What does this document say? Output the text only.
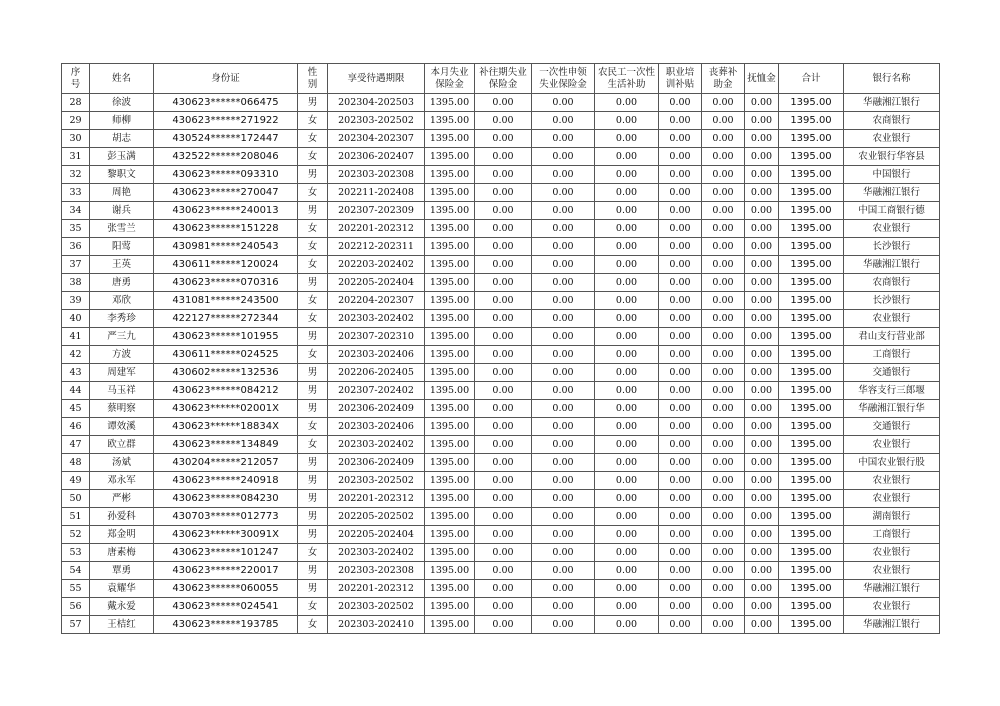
序号	姓名	身份证	性别	享受待遇期限	本月失业保险金	补往期失业保险金	一次性申领失业保险金	农民工一次性生活补助	职业培训补贴	丧葬补助金	抚恤金	合计	银行名称
28	徐波	430623******066475	男	202304-202503	1395.00	0.00	0.00	0.00	0.00	0.00	0.00	1395.00	华融湘江银行
29	师柳	430623******271922	女	202303-202502	1395.00	0.00	0.00	0.00	0.00	0.00	0.00	1395.00	农商银行
30	胡志	430524******172447	女	202304-202307	1395.00	0.00	0.00	0.00	0.00	0.00	0.00	1395.00	农业银行
31	彭玉满	432522******208046	女	202306-202407	1395.00	0.00	0.00	0.00	0.00	0.00	0.00	1395.00	农业银行华容县
32	黎职文	430623******093310	男	202303-202308	1395.00	0.00	0.00	0.00	0.00	0.00	0.00	1395.00	中国银行
33	周艳	430623******270047	女	202211-202408	1395.00	0.00	0.00	0.00	0.00	0.00	0.00	1395.00	华融湘江银行
34	谢兵	430623******240013	男	202307-202309	1395.00	0.00	0.00	0.00	0.00	0.00	0.00	1395.00	中国工商银行德
35	张雪兰	430623******151228	女	202201-202312	1395.00	0.00	0.00	0.00	0.00	0.00	0.00	1395.00	农业银行
36	阳莺	430981******240543	女	202212-202311	1395.00	0.00	0.00	0.00	0.00	0.00	0.00	1395.00	长沙银行
37	王英	430611******120024	女	202203-202402	1395.00	0.00	0.00	0.00	0.00	0.00	0.00	1395.00	华融湘江银行
38	唐勇	430623******070316	男	202205-202404	1395.00	0.00	0.00	0.00	0.00	0.00	0.00	1395.00	农商银行
39	邓欣	431081******243500	女	202204-202307	1395.00	0.00	0.00	0.00	0.00	0.00	0.00	1395.00	长沙银行
40	李秀珍	422127******272344	女	202303-202402	1395.00	0.00	0.00	0.00	0.00	0.00	0.00	1395.00	农业银行
41	严三九	430623******101955	男	202307-202310	1395.00	0.00	0.00	0.00	0.00	0.00	0.00	1395.00	君山支行营业部
42	方波	430611******024525	女	202303-202406	1395.00	0.00	0.00	0.00	0.00	0.00	0.00	1395.00	工商银行
43	周建军	430602******132536	男	202206-202405	1395.00	0.00	0.00	0.00	0.00	0.00	0.00	1395.00	交通银行
44	马玉祥	430623******084212	男	202307-202402	1395.00	0.00	0.00	0.00	0.00	0.00	0.00	1395.00	华容支行三郎堰
45	蔡明察	430623******02001X	男	202306-202409	1395.00	0.00	0.00	0.00	0.00	0.00	0.00	1395.00	华融湘江银行华
46	谭效溪	430623******18834X	女	202303-202406	1395.00	0.00	0.00	0.00	0.00	0.00	0.00	1395.00	交通银行
47	欧立群	430623******134849	女	202303-202402	1395.00	0.00	0.00	0.00	0.00	0.00	0.00	1395.00	农业银行
48	汤斌	430204******212057	男	202306-202409	1395.00	0.00	0.00	0.00	0.00	0.00	0.00	1395.00	中国农业银行股
49	邓永军	430623******240918	男	202303-202502	1395.00	0.00	0.00	0.00	0.00	0.00	0.00	1395.00	农业银行
50	严彬	430623******084230	男	202201-202312	1395.00	0.00	0.00	0.00	0.00	0.00	0.00	1395.00	农业银行
51	孙爱科	430703******012773	男	202205-202502	1395.00	0.00	0.00	0.00	0.00	0.00	0.00	1395.00	湖南银行
52	郑金明	430623******30091X	男	202205-202404	1395.00	0.00	0.00	0.00	0.00	0.00	0.00	1395.00	工商银行
53	唐素梅	430623******101247	女	202303-202402	1395.00	0.00	0.00	0.00	0.00	0.00	0.00	1395.00	农业银行
54	覃勇	430623******220017	男	202303-202308	1395.00	0.00	0.00	0.00	0.00	0.00	0.00	1395.00	农业银行
55	袁耀华	430623******060055	男	202201-202312	1395.00	0.00	0.00	0.00	0.00	0.00	0.00	1395.00	华融湘江银行
56	戴永爱	430623******024541	女	202303-202502	1395.00	0.00	0.00	0.00	0.00	0.00	0.00	1395.00	农业银行
57	王桔红	430623******193785	女	202303-202410	1395.00	0.00	0.00	0.00	0.00	0.00	0.00	1395.00	华融湘江银行
